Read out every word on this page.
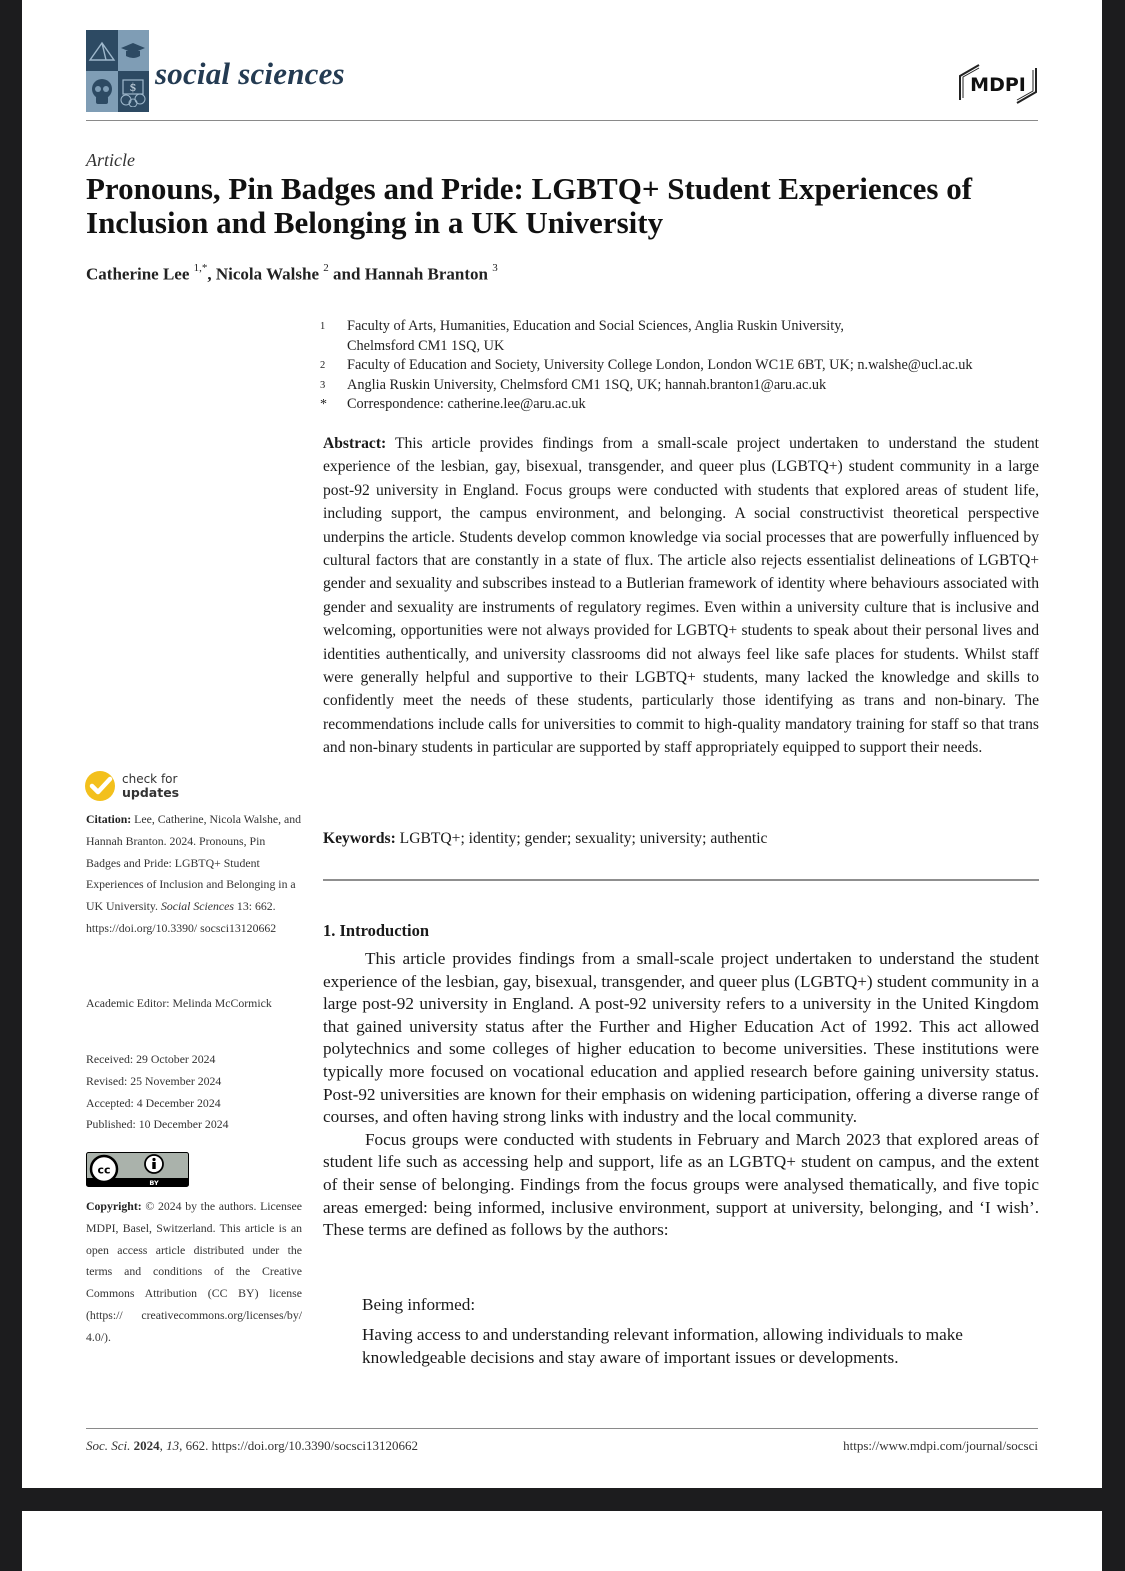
$ social sciences	MDPI
Article
Pronouns, Pin Badges and Pride: LGBTQ+ Student Experiences of Inclusion and Belonging in a UK University
Catherine Lee $^{1,*}$, Nicola Walshe $^2$ and Hannah Branton $^3$
1	Faculty of Arts, Humanities, Education and Social Sciences, Anglia Ruskin University,
Chelmsford CM1 1SQ, UK
2	Faculty of Education and Society, University College London, London WC1E 6BT, UK; n.walshe@ucl.ac.uk
3	Anglia Ruskin University, Chelmsford CM1 1SQ, UK; hannah.branton1@aru.ac.uk
*	Correspondence: catherine.lee@aru.ac.uk
Abstract: This article provides findings from a small-scale project undertaken to understand the student experience of the lesbian, gay, bisexual, transgender, and queer plus (LGBTQ+) student community in a large post-92 university in England. Focus groups were conducted with students that explored areas of student life, including support, the campus environment, and belonging. A social constructivist theoretical perspective underpins the article. Students develop common knowledge via social processes that are powerfully influenced by cultural factors that are constantly in a state of flux. The article also rejects essentialist delineations of LGBTQ+ gender and sexuality and subscribes instead to a Butlerian framework of identity where behaviours associated with gender and sexuality are instruments of regulatory regimes. Even within a university culture that is inclusive and welcoming, opportunities were not always provided for LGBTQ+ students to speak about their personal lives and identities authentically, and university classrooms did not always feel like safe places for students. Whilst staff were generally helpful and supportive to their LGBTQ+ students, many lacked the knowledge and skills to confidently meet the needs of these students, particularly those identifying as trans and non-binary. The recommendations include calls for universities to commit to high-quality mandatory training for staff so that trans and non-binary students in particular are supported by staff appropriately equipped to support their needs.
Keywords: LGBTQ+; identity; gender; sexuality; university; authentic
1. Introduction

This article provides findings from a small-scale project undertaken to understand the student experience of the lesbian, gay, bisexual, transgender, and queer plus (LGBTQ+) student community in a large post-92 university in England. A post-92 university refers to a university in the United Kingdom that gained university status after the Further and Higher Education Act of 1992. This act allowed polytechnics and some colleges of higher education to become universities. These institutions were typically more focused on vocational education and applied research before gaining university status. Post-92 universities are known for their emphasis on widening participation, offering a diverse range of courses, and often having strong links with industry and the local community.

Focus groups were conducted with students in February and March 2023 that explored areas of student life such as accessing help and support, life as an LGBTQ+ student on campus, and the extent of their sense of belonging. Findings from the focus groups were analysed thematically, and five topic areas emerged: being informed, inclusive environment, support at university, belonging, and ‘I wish’. These terms are defined as follows by the authors:

Being informed:
Having access to and understanding relevant information, allowing individuals to make knowledgeable decisions and stay aware of important issues or developments.
check for
updates
Citation: Lee, Catherine, Nicola Walshe, and Hannah Branton. 2024. Pronouns, Pin Badges and Pride: LGBTQ+ Student Experiences of Inclusion and Belonging in a UK University. Social Sciences 13: 662. https://doi.org/10.3390/ socsci13120662
Academic Editor: Melinda McCormick
Received: 29 October 2024
Revised: 25 November 2024
Accepted: 4 December 2024
Published: 10 December 2024
cc
BY
Copyright: © 2024 by the authors. Licensee MDPI, Basel, Switzerland. This article is an open access article distributed under the terms and conditions of the Creative Commons Attribution (CC BY) license (https:// creativecommons.org/licenses/by/ 4.0/).
Soc. Sci. 2024, 13, 662. https://doi.org/10.3390/socsci13120662	https://www.mdpi.com/journal/socsci
